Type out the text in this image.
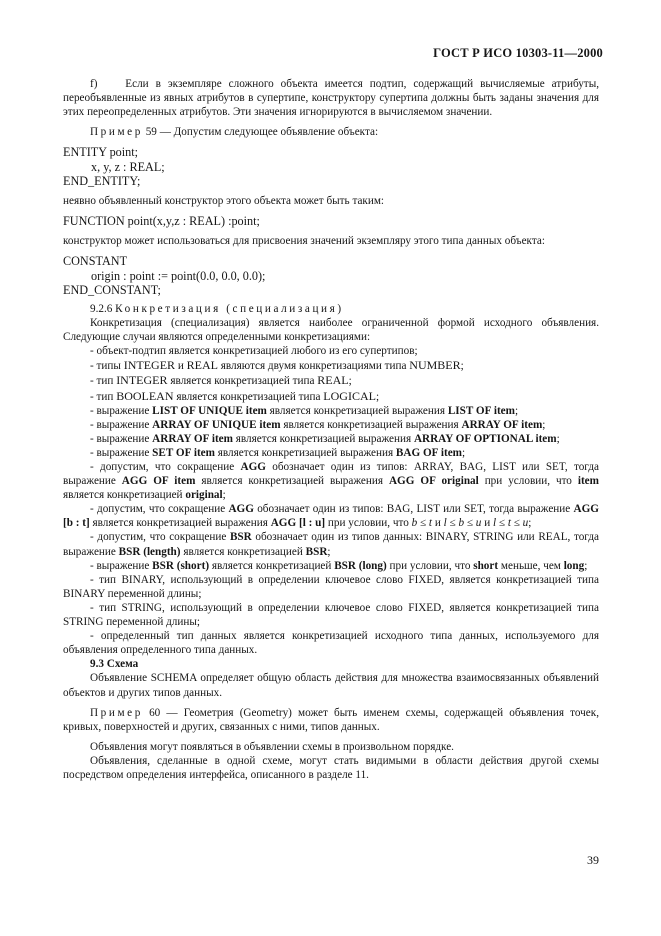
ГОСТ Р ИСО 10303-11—2000

f) Если в экземпляре сложного объекта имеется подтип, содержащий вычисляемые атрибуты, переобъявленные из явных атрибутов в супертипе, конструктору супертипа должны быть заданы значения для этих переопределенных атрибутов. Эти значения игнорируются в вычисляемом значении.

Пример 59 — Допустим следующее объявление объекта:

ENTITY point;

x, y, z : REAL;

END_ENTITY;

неявно объявленный конструктор этого объекта может быть таким:

FUNCTION point(x,y,z : REAL) :point;

конструктор может использоваться для присвоения значений экземпляру этого типа данных объекта:

CONSTANT

origin : point := point(0.0, 0.0, 0.0);

END_CONSTANT;

9.2.6 Конкретизация (специализация)

Конкретизация (специализация) является наиболее ограниченной формой исходного объявления. Следующие случаи являются определенными конкретизациями:

- объект-подтип является конкретизацией любого из его супертипов;

- типы INTEGER и REAL являются двумя конкретизациями типа NUMBER;

- тип INTEGER является конкретизацией типа REAL;

- тип BOOLEAN является конкретизацией типа LOGICAL;

- выражение LIST OF UNIQUE item является конкретизацией выражения LIST OF item;

- выражение ARRAY OF UNIQUE item является конкретизацией выражения ARRAY OF item;

- выражение ARRAY OF item является конкретизацией выражения ARRAY OF OPTIONAL item;

- выражение SET OF item является конкретизацией выражения BAG OF item;

- допустим, что сокращение AGG обозначает один из типов: ARRAY, BAG, LIST или SET, тогда выражение AGG OF item является конкретизацией выражения AGG OF original при условии, что item является конкретизацией original;

- допустим, что сокращение AGG обозначает один из типов: BAG, LIST или SET, тогда выражение AGG [b : t] является конкретизацией выражения AGG [l : u] при условии, что b ≤ t и l ≤ b ≤ u и l ≤ t ≤ u;

- допустим, что сокращение BSR обозначает один из типов данных: BINARY, STRING или REAL, тогда выражение BSR (length) является конкретизацией BSR;

- выражение BSR (short) является конкретизацией BSR (long) при условии, что short меньше, чем long;

- тип BINARY, использующий в определении ключевое слово FIXED, является конкретизацией типа BINARY переменной длины;

- тип STRING, использующий в определении ключевое слово FIXED, является конкретизацией типа STRING переменной длины;

- определенный тип данных является конкретизацией исходного типа данных, используемого для объявления определенного типа данных.

9.3 Схема

Объявление SCHEMA определяет общую область действия для множества взаимосвязанных объявлений объектов и других типов данных.

Пример 60 — Геометрия (Geometry) может быть именем схемы, содержащей объявления точек, кривых, поверхностей и других, связанных с ними, типов данных.

Объявления могут появляться в объявлении схемы в произвольном порядке.

Объявления, сделанные в одной схеме, могут стать видимыми в области действия другой схемы посредством определения интерфейса, описанного в разделе 11.

39
